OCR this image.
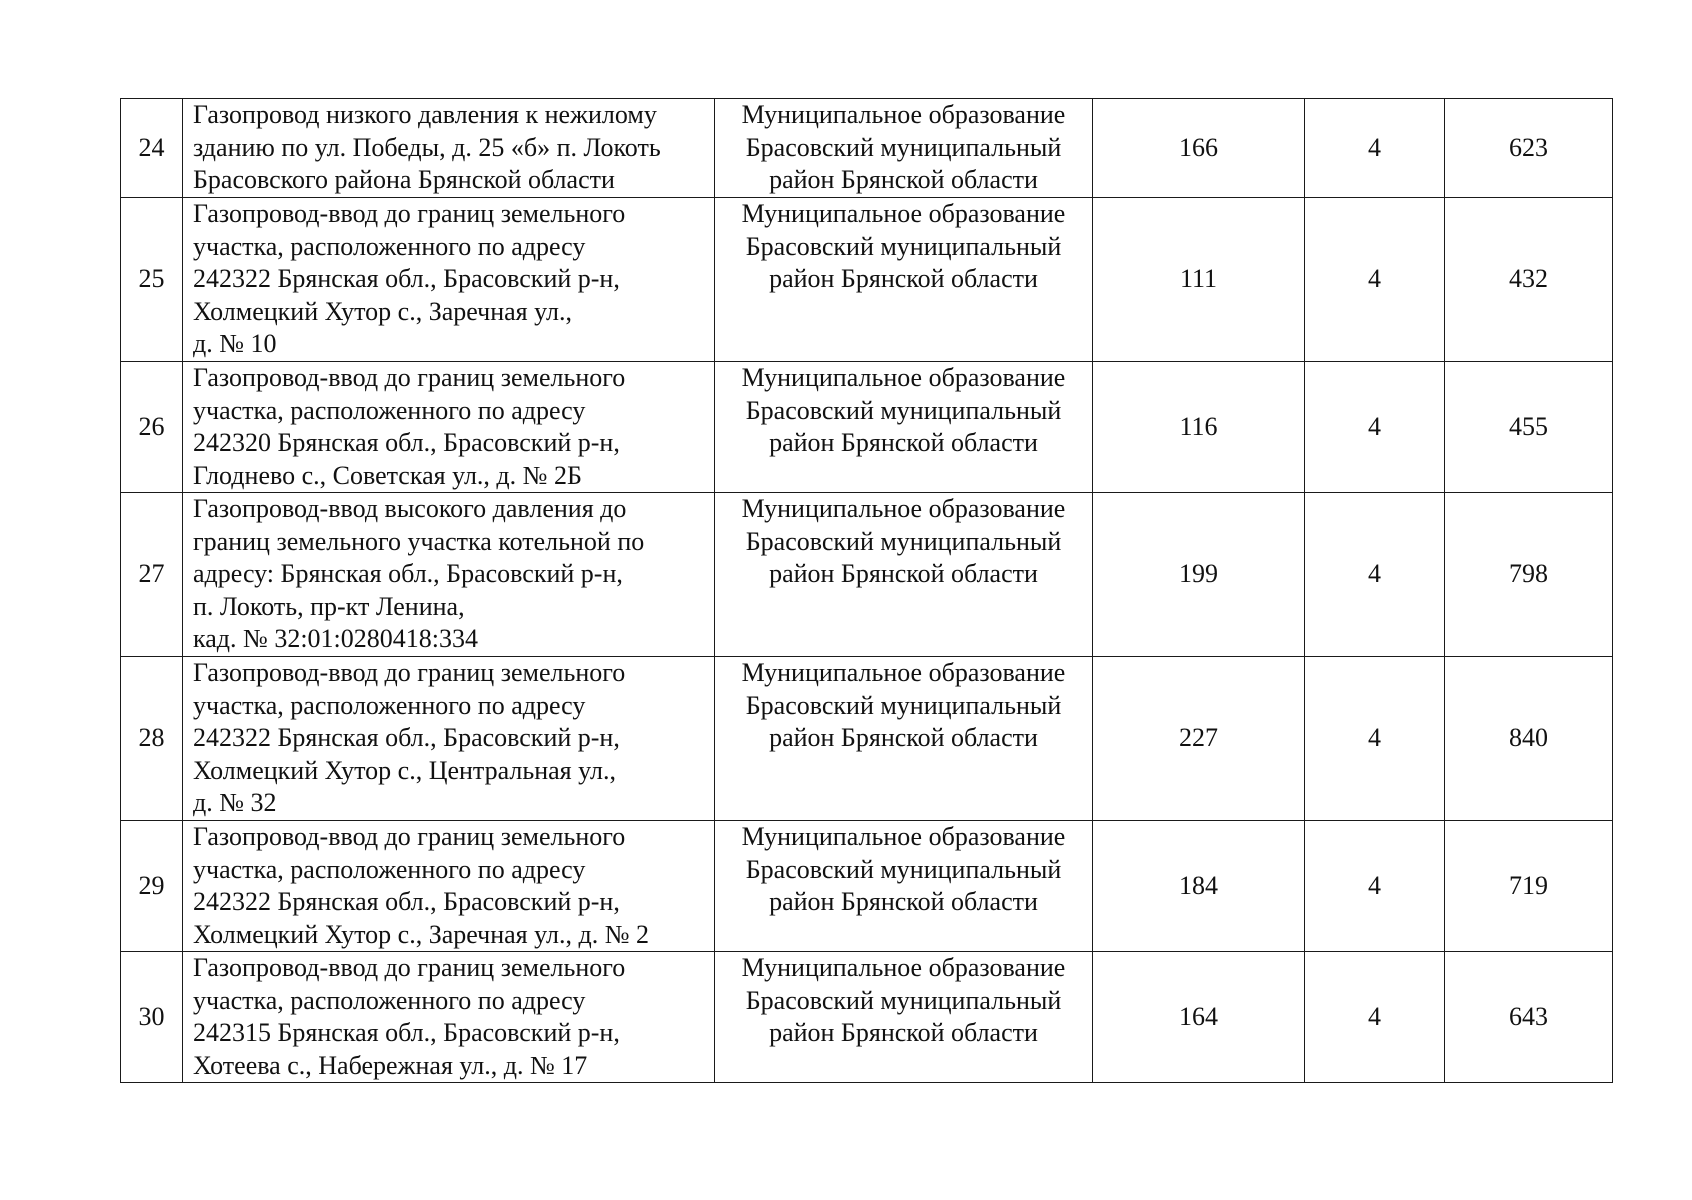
24	Газопровод низкого давления к нежилому
зданию по ул. Победы, д. 25 «б» п. Локоть
Брасовского района Брянской области	Муниципальное образование
Брасовский муниципальный
район Брянской области	166	4	623
25	Газопровод-ввод до границ земельного
участка, расположенного по адресу
242322 Брянская обл., Брасовский р-н,
Холмецкий Хутор с., Заречная ул.,
д. № 10	Муниципальное образование
Брасовский муниципальный
район Брянской области	111	4	432
26	Газопровод-ввод до границ земельного
участка, расположенного по адресу
242320 Брянская обл., Брасовский р-н,
Глоднево с., Советская ул., д. № 2Б	Муниципальное образование
Брасовский муниципальный
район Брянской области	116	4	455
27	Газопровод-ввод высокого давления до
границ земельного участка котельной по
адресу: Брянская обл., Брасовский р-н,
п. Локоть, пр-кт Ленина,
кад. № 32:01:0280418:334	Муниципальное образование
Брасовский муниципальный
район Брянской области	199	4	798
28	Газопровод-ввод до границ земельного
участка, расположенного по адресу
242322 Брянская обл., Брасовский р-н,
Холмецкий Хутор с., Центральная ул.,
д. № 32	Муниципальное образование
Брасовский муниципальный
район Брянской области	227	4	840
29	Газопровод-ввод до границ земельного
участка, расположенного по адресу
242322 Брянская обл., Брасовский р-н,
Холмецкий Хутор с., Заречная ул., д. № 2	Муниципальное образование
Брасовский муниципальный
район Брянской области	184	4	719
30	Газопровод-ввод до границ земельного
участка, расположенного по адресу
242315 Брянская обл., Брасовский р-н,
Хотеева с., Набережная ул., д. № 17	Муниципальное образование
Брасовский муниципальный
район Брянской области	164	4	643
